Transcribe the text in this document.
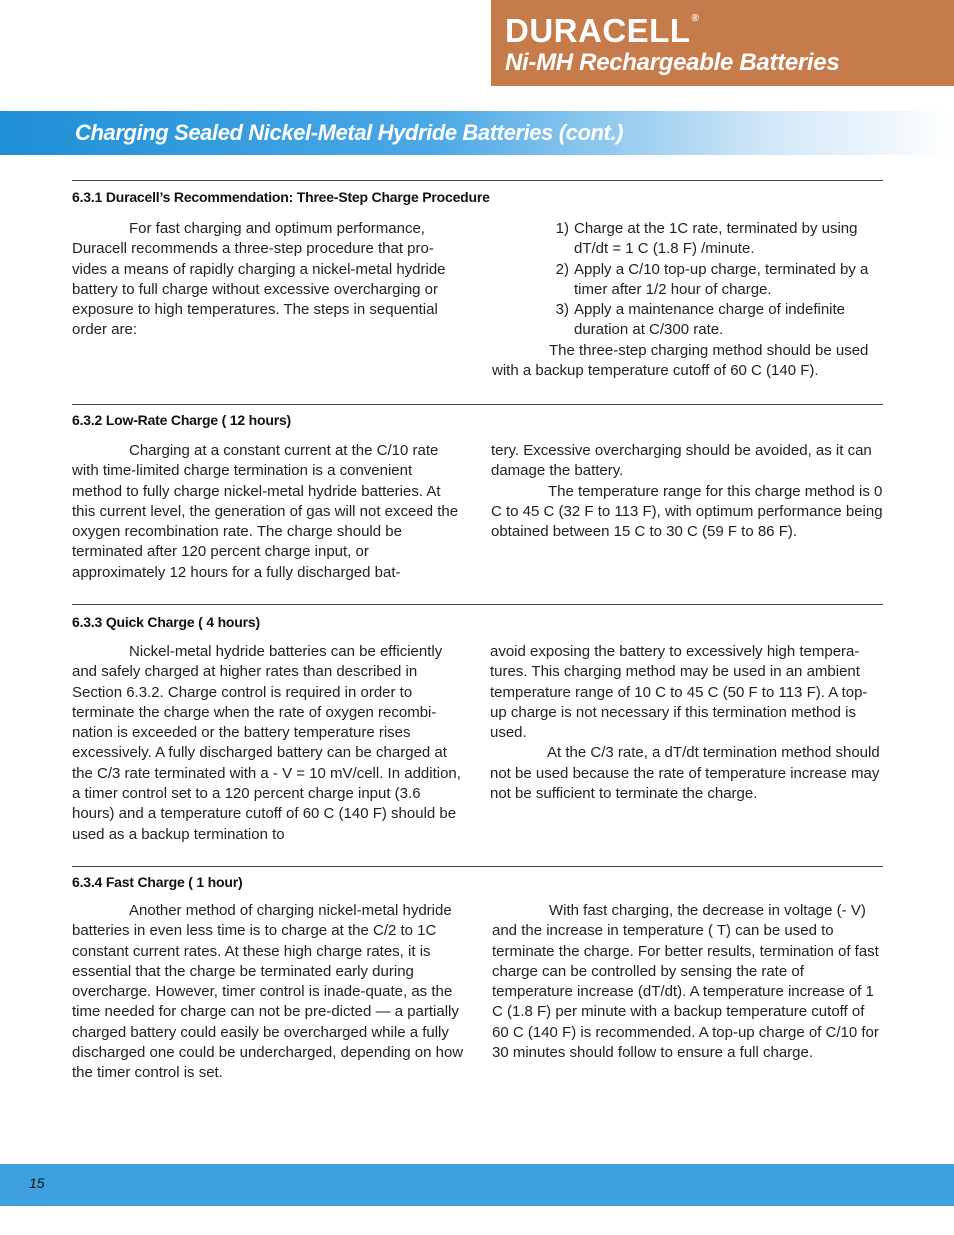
DURACELL®
Ni-MH Rechargeable Batteries
Charging Sealed Nickel-Metal Hydride Batteries (cont.)
6.3.1 Duracell’s Recommendation: Three-Step Charge Procedure

For fast charging and optimum performance, Duracell recommends a three-step procedure that pro-vides a means of rapidly charging a nickel-metal hydride battery to full charge without excessive overcharging or exposure to high temperatures. The steps in sequential order are:

1) Charge at the 1C rate, terminated by using dT/dt = 1 C (1.8 F) /minute.
2) Apply a C/10 top-up charge, terminated by a timer after 1/2 hour of charge.
3) Apply a maintenance charge of indefinite duration at C/300 rate.

The three-step charging method should be used with a backup temperature cutoff of 60 C (140 F).

6.3.2 Low-Rate Charge ( 12 hours)

Charging at a constant current at the C/10 rate with time-limited charge termination is a convenient method to fully charge nickel-metal hydride batteries. At this current level, the generation of gas will not exceed the oxygen recombination rate. The charge should be terminated after 120 percent charge input, or approximately 12 hours for a fully discharged bat-

tery. Excessive overcharging should be avoided, as it can damage the battery.

The temperature range for this charge method is 0 C to 45 C (32 F to 113 F), with optimum performance being obtained between 15 C to 30 C (59 F to 86 F).

6.3.3 Quick Charge ( 4 hours)

Nickel-metal hydride batteries can be efficiently and safely charged at higher rates than described in Section 6.3.2. Charge control is required in order to terminate the charge when the rate of oxygen recombi-nation is exceeded or the battery temperature rises excessively. A fully discharged battery can be charged at the C/3 rate terminated with a - V = 10 mV/cell. In addition, a timer control set to a 120 percent charge input (3.6 hours) and a temperature cutoff of 60 C (140 F) should be used as a backup termination to

avoid exposing the battery to excessively high tempera-tures. This charging method may be used in an ambient temperature range of 10 C to 45 C (50 F to 113 F). A top-up charge is not necessary if this termination method is used.

At the C/3 rate, a dT/dt termination method should not be used because the rate of temperature increase may not be sufficient to terminate the charge.

6.3.4 Fast Charge ( 1 hour)

Another method of charging nickel-metal hydride batteries in even less time is to charge at the C/2 to 1C constant current rates. At these high charge rates, it is essential that the charge be terminated early during overcharge. However, timer control is inade-quate, as the time needed for charge can not be pre-dicted — a partially charged battery could easily be overcharged while a fully discharged one could be undercharged, depending on how the timer control is set.

With fast charging, the decrease in voltage (- V) and the increase in temperature ( T) can be used to terminate the charge. For better results, termination of fast charge can be controlled by sensing the rate of temperature increase (dT/dt). A temperature increase of 1 C (1.8 F) per minute with a backup temperature cutoff of 60 C (140 F) is recommended. A top-up charge of C/10 for 30 minutes should follow to ensure a full charge.

15
